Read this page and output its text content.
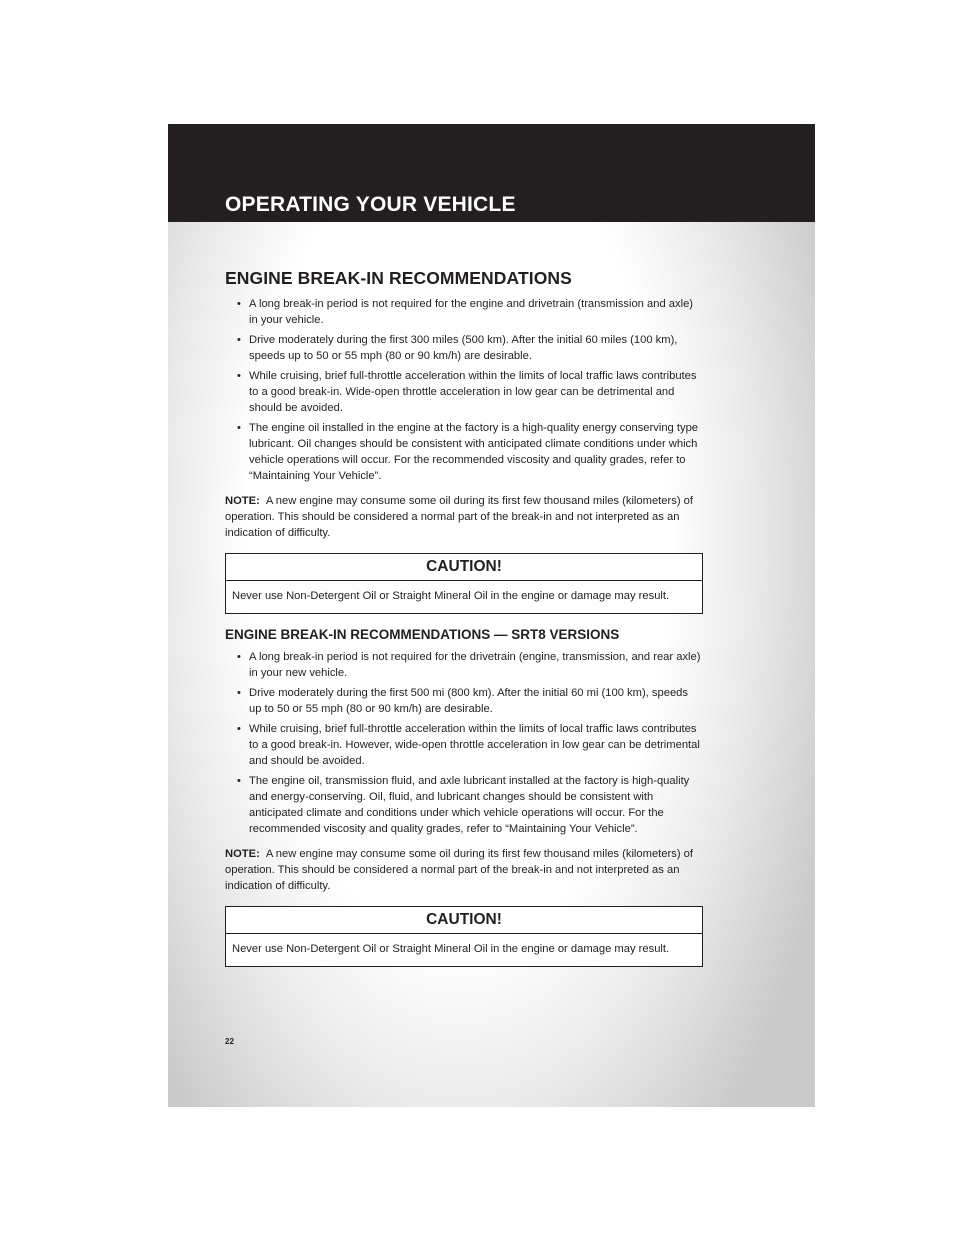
OPERATING YOUR VEHICLE
ENGINE BREAK-IN RECOMMENDATIONS
• A long break-in period is not required for the engine and drivetrain (transmission and axle) in your vehicle.
• Drive moderately during the first 300 miles (500 km). After the initial 60 miles (100 km), speeds up to 50 or 55 mph (80 or 90 km/h) are desirable.
• While cruising, brief full-throttle acceleration within the limits of local traffic laws contributes to a good break-in. Wide-open throttle acceleration in low gear can be detrimental and should be avoided.
• The engine oil installed in the engine at the factory is a high-quality energy conserving type lubricant. Oil changes should be consistent with anticipated climate conditions under which vehicle operations will occur. For the recommended viscosity and quality grades, refer to “Maintaining Your Vehicle”.

NOTE: A new engine may consume some oil during its first few thousand miles (kilometers) of operation. This should be considered a normal part of the break-in and not interpreted as an indication of difficulty.

CAUTION!
Never use Non-Detergent Oil or Straight Mineral Oil in the engine or damage may result.
ENGINE BREAK-IN RECOMMENDATIONS — SRT8 VERSIONS
• A long break-in period is not required for the drivetrain (engine, transmission, and rear axle) in your new vehicle.
• Drive moderately during the first 500 mi (800 km). After the initial 60 mi (100 km), speeds up to 50 or 55 mph (80 or 90 km/h) are desirable.
• While cruising, brief full-throttle acceleration within the limits of local traffic laws contributes to a good break-in. However, wide-open throttle acceleration in low gear can be detrimental and should be avoided.
• The engine oil, transmission fluid, and axle lubricant installed at the factory is high-quality and energy-conserving. Oil, fluid, and lubricant changes should be consistent with anticipated climate and conditions under which vehicle operations will occur. For the recommended viscosity and quality grades, refer to “Maintaining Your Vehicle”.

NOTE: A new engine may consume some oil during its first few thousand miles (kilometers) of operation. This should be considered a normal part of the break-in and not interpreted as an indication of difficulty.

CAUTION!
Never use Non-Detergent Oil or Straight Mineral Oil in the engine or damage may result.
22
